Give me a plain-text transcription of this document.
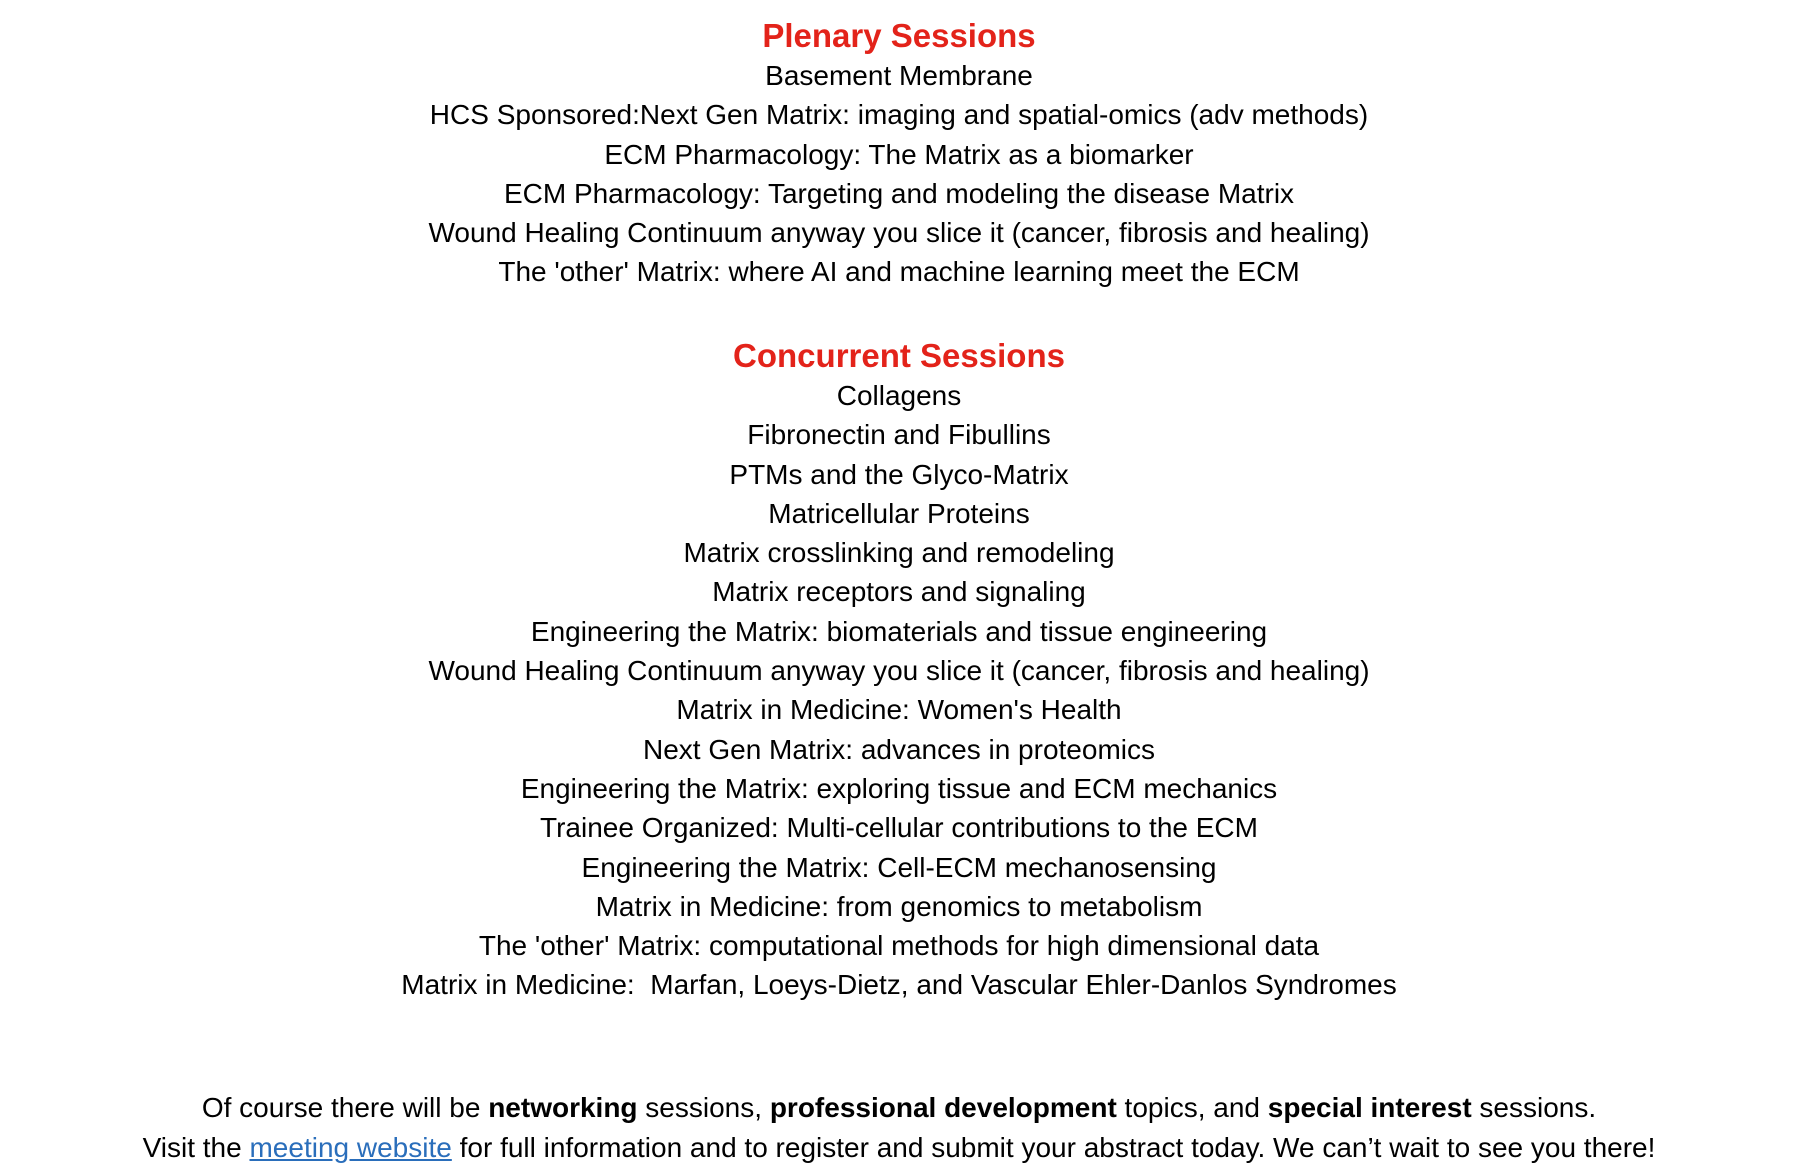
Plenary Sessions

Basement Membrane

HCS Sponsored:Next Gen Matrix: imaging and spatial-omics (adv methods)

ECM Pharmacology: The Matrix as a biomarker

ECM Pharmacology: Targeting and modeling the disease Matrix

Wound Healing Continuum anyway you slice it (cancer, fibrosis and healing)

The 'other' Matrix: where AI and machine learning meet the ECM

Concurrent Sessions

Collagens

Fibronectin and Fibullins

PTMs and the Glyco-Matrix

Matricellular Proteins

Matrix crosslinking and remodeling

Matrix receptors and signaling

Engineering the Matrix: biomaterials and tissue engineering

Wound Healing Continuum anyway you slice it (cancer, fibrosis and healing)

Matrix in Medicine: Women's Health

Next Gen Matrix: advances in proteomics

Engineering the Matrix: exploring tissue and ECM mechanics

Trainee Organized: Multi-cellular contributions to the ECM

Engineering the Matrix: Cell-ECM mechanosensing

Matrix in Medicine: from genomics to metabolism

The 'other' Matrix: computational methods for high dimensional data

Matrix in Medicine:  Marfan, Loeys-Dietz, and Vascular Ehler-Danlos Syndromes

Of course there will be networking sessions, professional development topics, and special interest sessions.

Visit the meeting website for full information and to register and submit your abstract today. We can’t wait to see you there!
